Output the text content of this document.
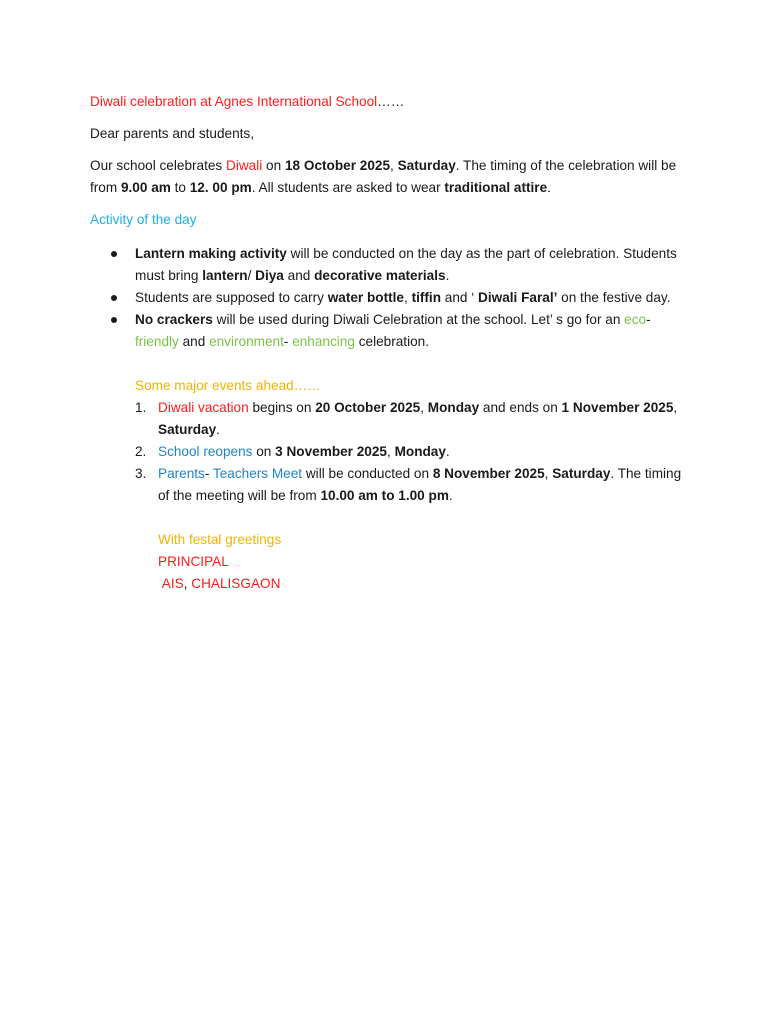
Diwali celebration at Agnes International School……

Dear parents and students,

Our school celebrates Diwali on 18 October 2025, Saturday. The timing of the celebration will be from 9.00 am to 12. 00 pm. All students are asked to wear traditional attire.

Activity of the day

Lantern making activity will be conducted on the day as the part of celebration. Students must bring lantern/ Diya and decorative materials.
Students are supposed to carry water bottle, tiffin and ‘ Diwali Faral’ on the festive day.
No crackers will be used during Diwali Celebration at the school. Let’ s go for an eco- friendly and environment- enhancing celebration.

Some major events ahead……

1. Diwali vacation begins on 20 October 2025, Monday and ends on 1 November 2025, Saturday.
2. School reopens on 3 November 2025, Monday.
3. Parents- Teachers Meet will be conducted on 8 November 2025, Saturday. The timing of the meeting will be from 10.00 am to 1.00 pm.

With festal greetings

PRINCIPAL

AIS, CHALISGAON
